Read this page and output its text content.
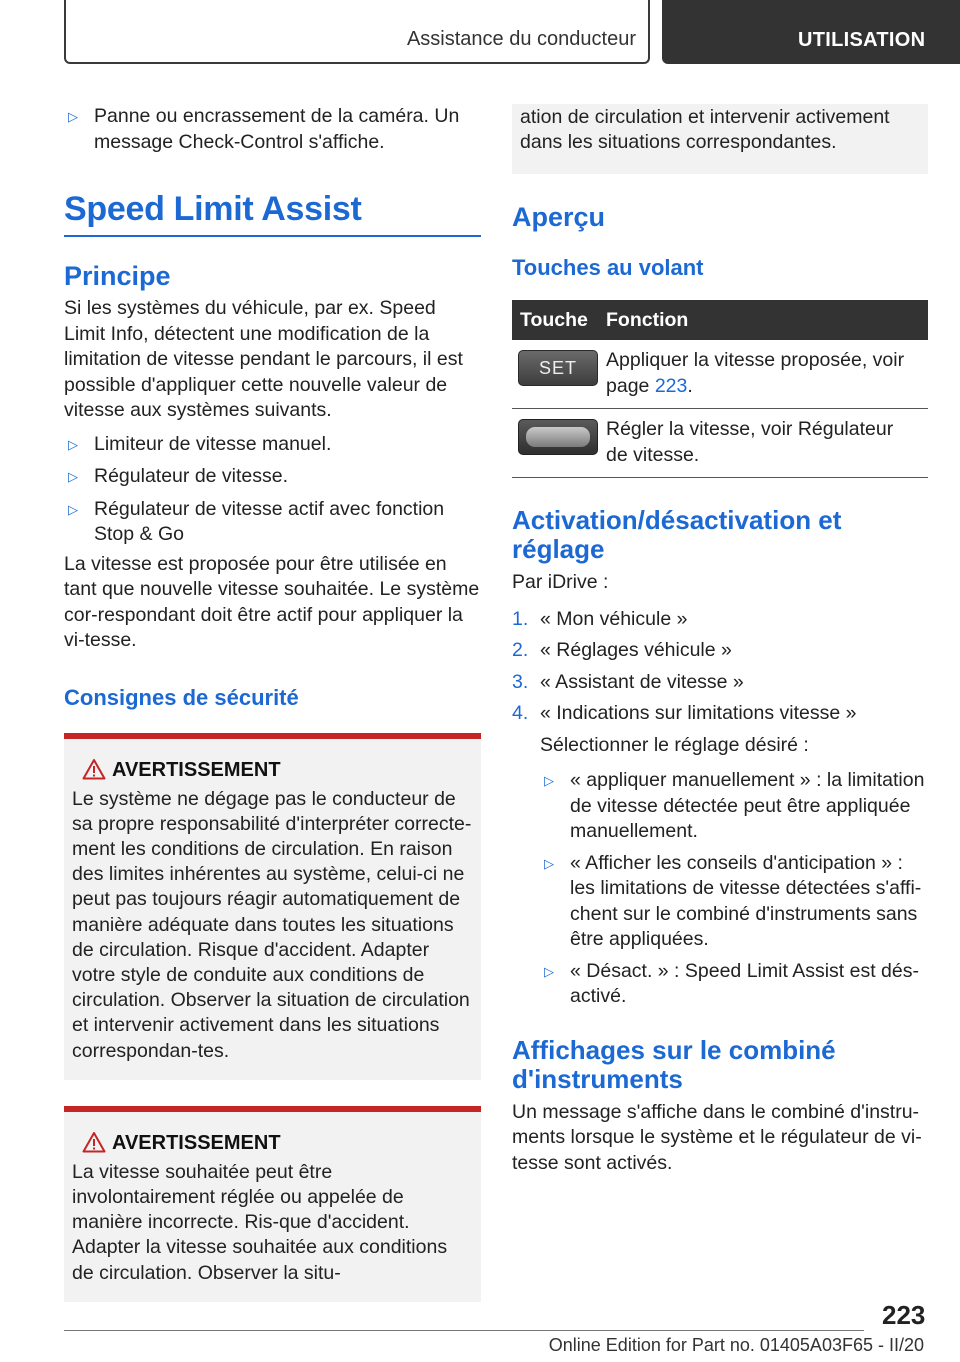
Assistance du conducteur	UTILISATION
▷ Panne ou encrassement de la caméra. Un message Check-Control s'affiche.
Speed Limit Assist
Principe
Si les systèmes du véhicule, par ex. Speed Limit Info, détectent une modification de la limitation de vitesse pendant le parcours, il est possible d'appliquer cette nouvelle valeur de vitesse aux systèmes suivants.
▷ Limiteur de vitesse manuel.
▷ Régulateur de vitesse.
▷ Régulateur de vitesse actif avec fonction Stop & Go
La vitesse est proposée pour être utilisée en tant que nouvelle vitesse souhaitée. Le système cor-respondant doit être actif pour appliquer la vi-tesse.
Consignes de sécurité
AVERTISSEMENT
Le système ne dégage pas le conducteur de sa propre responsabilité d'interpréter correcte-ment les conditions de circulation. En raison des limites inhérentes au système, celui-ci ne peut pas toujours réagir automatiquement de manière adéquate dans toutes les situations de circulation. Risque d'accident. Adapter votre style de conduite aux conditions de circulation. Observer la situation de circulation et intervenir activement dans les situations correspondan-tes.
AVERTISSEMENT
La vitesse souhaitée peut être involontairement réglée ou appelée de manière incorrecte. Ris-que d'accident. Adapter la vitesse souhaitée aux conditions de circulation. Observer la situ-
ation de circulation et intervenir activement dans les situations correspondantes.
Aperçu
Touches au volant
Touche	Fonction

SET	Appliquer la vitesse proposée, voir page 223.

	Régler la vitesse, voir Régulateur de vitesse.
Activation/désactivation et réglage
Par iDrive :
1. « Mon véhicule »
2. « Réglages véhicule »
3. « Assistant de vitesse »
4. « Indications sur limitations vitesse »
Sélectionner le réglage désiré :
▷ « appliquer manuellement » : la limitation de vitesse détectée peut être appliquée manuellement.
▷ « Afficher les conseils d'anticipation » : les limitations de vitesse détectées s'affi-chent sur le combiné d'instruments sans être appliquées.
▷ « Désact. » : Speed Limit Assist est dés-activé.
Affichages sur le combiné d'instruments
Un message s'affiche dans le combiné d'instru-ments lorsque le système et le régulateur de vi-tesse sont activés.
223
Online Edition for Part no. 01405A03F65 - II/20
